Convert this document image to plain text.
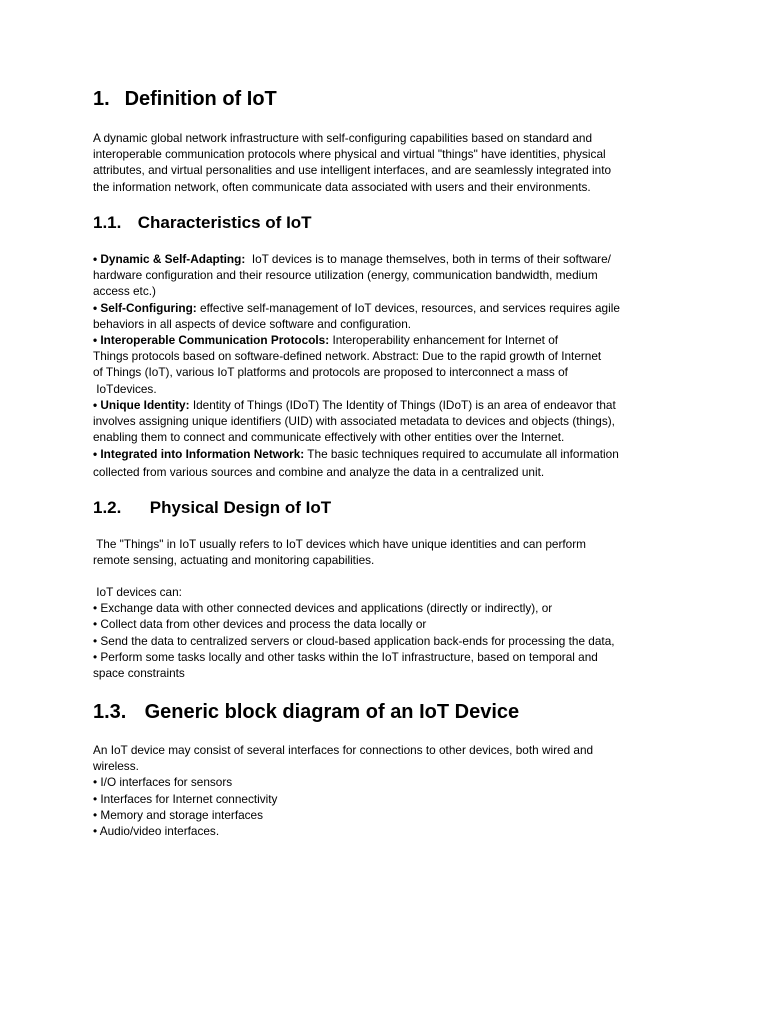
1. Definition of IoT
A dynamic global network infrastructure with self-configuring capabilities based on standard and
interoperable communication protocols where physical and virtual "things" have identities, physical
attributes, and virtual personalities and use intelligent interfaces, and are seamlessly integrated into
the information network, often communicate data associated with users and their environments.
1.1. Characteristics of IoT
• Dynamic & Self-Adapting:  IoT devices is to manage themselves, both in terms of their software/
hardware configuration and their resource utilization (energy, communication bandwidth, medium
access etc.)
• Self-Configuring: effective self-management of IoT devices, resources, and services requires agile
behaviors in all aspects of device software and configuration.
• Interoperable Communication Protocols: Interoperability enhancement for Internet of
Things protocols based on software-defined network. Abstract: Due to the rapid growth of Internet
of Things (IoT), various IoT platforms and protocols are proposed to interconnect a mass of
IoTdevices.
• Unique Identity: Identity of Things (IDoT) The Identity of Things (IDoT) is an area of endeavor that
involves assigning unique identifiers (UID) with associated metadata to devices and objects (things),
enabling them to connect and communicate effectively with other entities over the Internet.
• Integrated into Information Network: The basic techniques required to accumulate all information
collected from various sources and combine and analyze the data in a centralized unit.
1.2. Physical Design of IoT
The "Things" in IoT usually refers to IoT devices which have unique identities and can perform
remote sensing, actuating and monitoring capabilities.
IoT devices can:
• Exchange data with other connected devices and applications (directly or indirectly), or
• Collect data from other devices and process the data locally or
• Send the data to centralized servers or cloud-based application back-ends for processing the data,
• Perform some tasks locally and other tasks within the IoT infrastructure, based on temporal and
space constraints
1.3. Generic block diagram of an IoT Device
An IoT device may consist of several interfaces for connections to other devices, both wired and
wireless.
• I/O interfaces for sensors
• Interfaces for Internet connectivity
• Memory and storage interfaces
• Audio/video interfaces.
